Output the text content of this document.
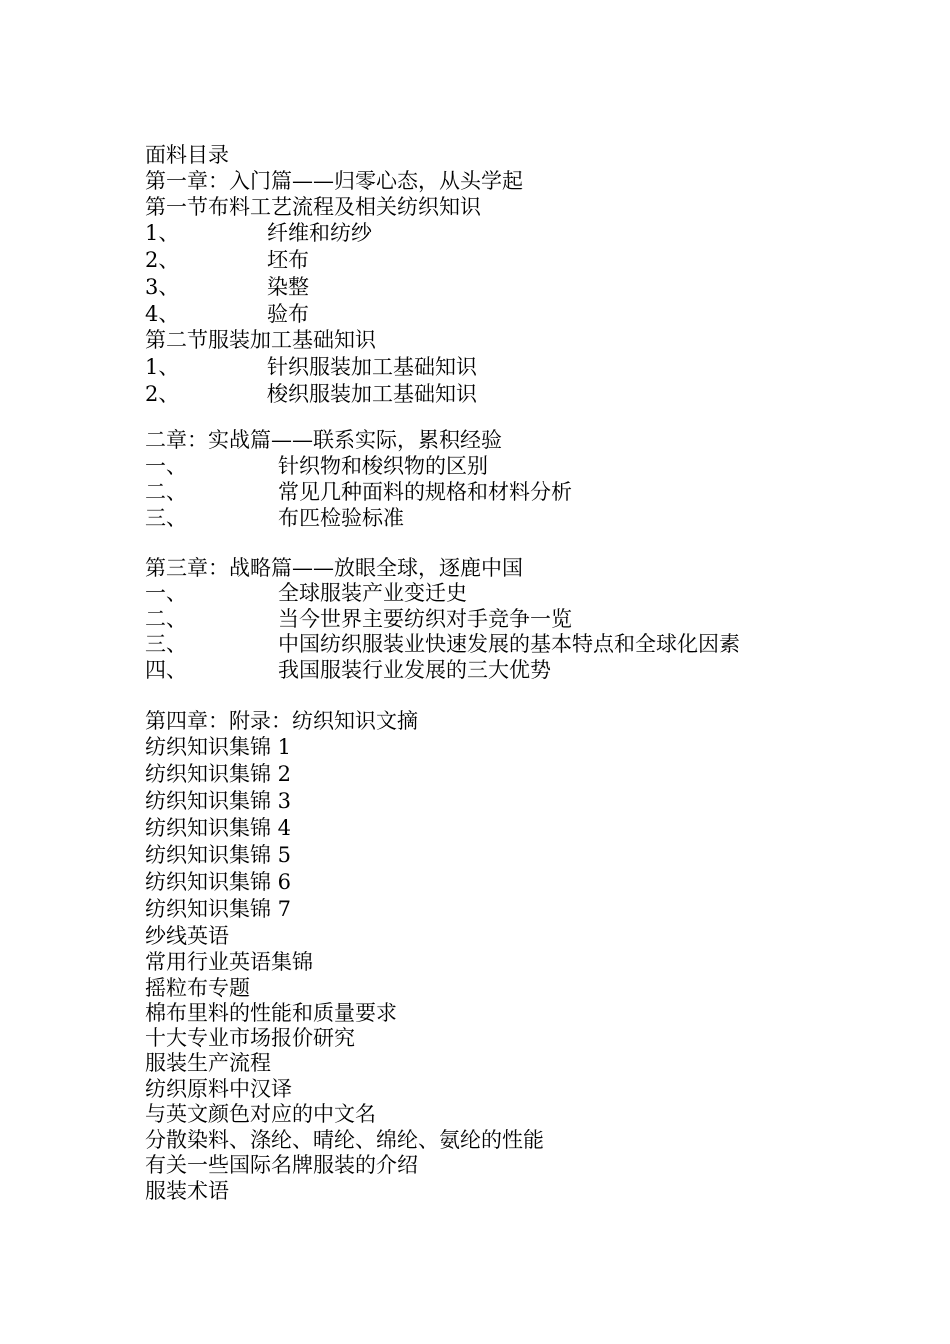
面料目录
第一章：入门篇——归零心态，从头学起
第一节布料工艺流程及相关纺织知识
1、	纤维和纺纱
2、	坯布
3、	染整
4、	验布
第二节服装加工基础知识
1、	针织服装加工基础知识
2、	梭织服装加工基础知识
二章：实战篇——联系实际，累积经验
一、	针织物和梭织物的区别
二、	常见几种面料的规格和材料分析
三、	布匹检验标准
第三章：战略篇——放眼全球，逐鹿中国
一、	全球服装产业变迁史
二、	当今世界主要纺织对手竞争一览
三、	中国纺织服装业快速发展的基本特点和全球化因素
四、	我国服装行业发展的三大优势
第四章：附录：纺织知识文摘
纺织知识集锦 1
纺织知识集锦 2
纺织知识集锦 3
纺织知识集锦 4
纺织知识集锦 5
纺织知识集锦 6
纺织知识集锦 7
纱线英语
常用行业英语集锦
摇粒布专题
棉布里料的性能和质量要求
十大专业市场报价研究
服装生产流程
纺织原料中汉译
与英文颜色对应的中文名
分散染料、涤纶、晴纶、绵纶、氨纶的性能
有关一些国际名牌服装的介绍
服装术语
